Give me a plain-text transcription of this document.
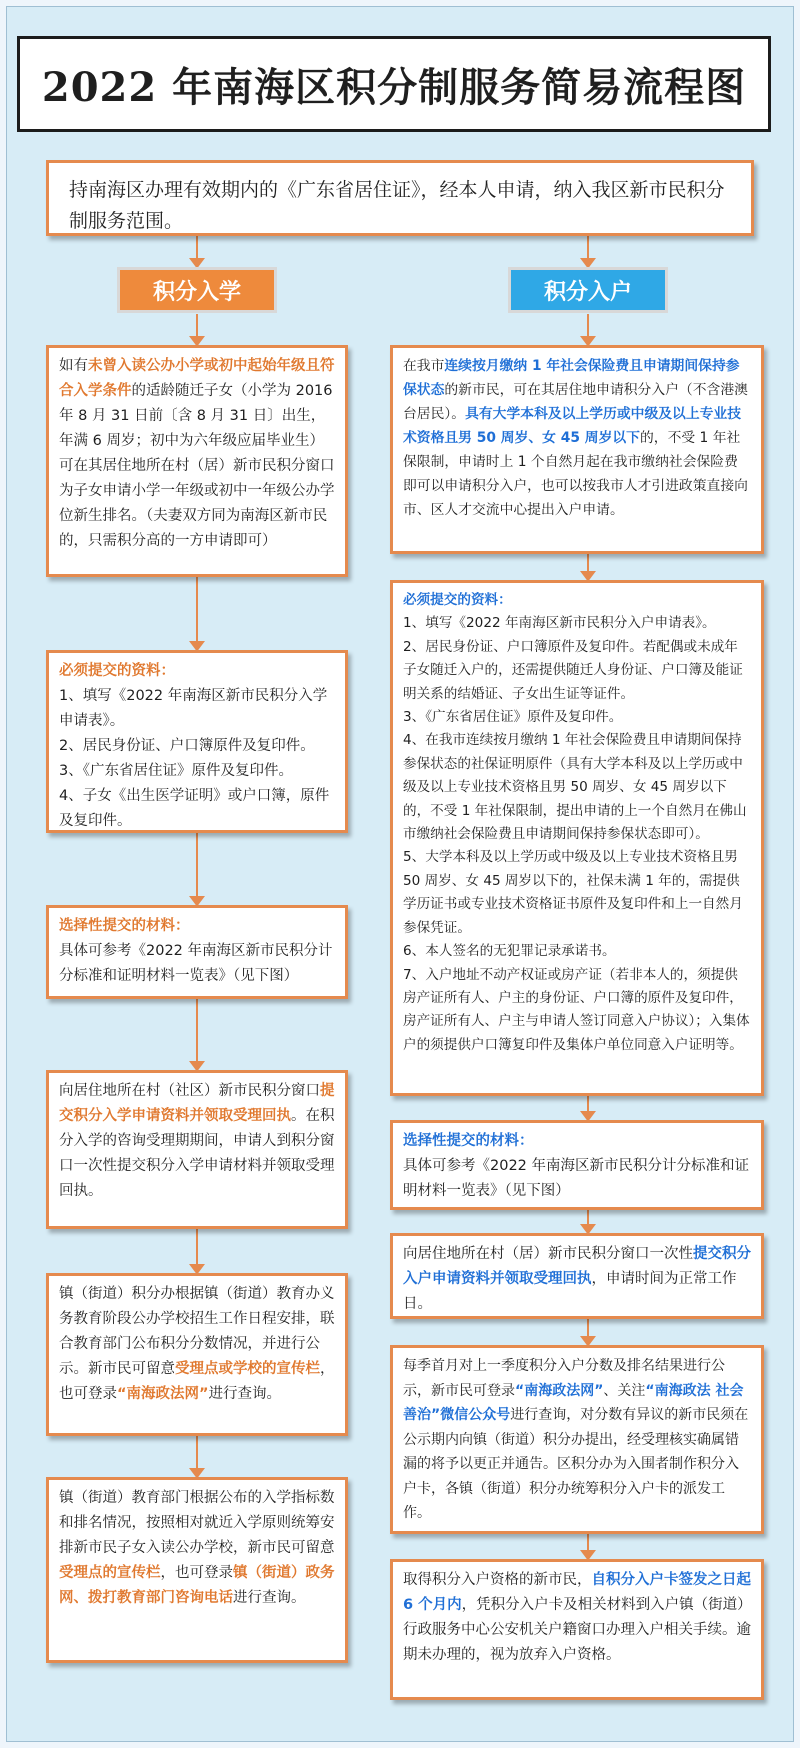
2022 年南海区积分制服务简易流程图

持南海区办理有效期内的《广东省居住证》，经本人申请，纳入我区新市民积分制服务范围。

积分入学

如有未曾入读公办小学或初中起始年级且符合入学条件的适龄随迁子女（小学为 2016 年 8 月 31 日前〔含 8 月 31 日〕出生，年满 6 周岁；初中为六年级应届毕业生）可在其居住地所在村（居）新市民积分窗口为子女申请小学一年级或初中一年级公办学位新生排名。（夫妻双方同为南海区新市民的，只需积分高的一方申请即可）

必须提交的资料：

1、填写《2022 年南海区新市民积分入学申请表》。

2、居民身份证、户口簿原件及复印件。

3、《广东省居住证》原件及复印件。

4、子女《出生医学证明》或户口簿，原件及复印件。

选择性提交的材料：

具体可参考《2022 年南海区新市民积分计分标准和证明材料一览表》（见下图）

向居住地所在村（社区）新市民积分窗口提交积分入学申请资料并领取受理回执。在积分入学的咨询受理期期间，申请人到积分窗口一次性提交积分入学申请材料并领取受理回执。

镇（街道）积分办根据镇（街道）教育办义务教育阶段公办学校招生工作日程安排，联合教育部门公布积分分数情况，并进行公示。新市民可留意受理点或学校的宣传栏，也可登录“南海政法网”进行查询。

镇（街道）教育部门根据公布的入学指标数和排名情况，按照相对就近入学原则统筹安排新市民子女入读公办学校，新市民可留意受理点的宣传栏，也可登录镇（街道）政务网、拨打教育部门咨询电话进行查询。

积分入户

在我市连续按月缴纳 1 年社会保险费且申请期间保持参保状态的新市民，可在其居住地申请积分入户（不含港澳台居民）。具有大学本科及以上学历或中级及以上专业技术资格且男 50 周岁、女 45 周岁以下的，不受 1 年社保限制，申请时上 1 个自然月起在我市缴纳社会保险费即可以申请积分入户，也可以按我市人才引进政策直接向市、区人才交流中心提出入户申请。

必须提交的资料：

1、填写《2022 年南海区新市民积分入户申请表》。

2、居民身份证、户口簿原件及复印件。若配偶或未成年子女随迁入户的，还需提供随迁人身份证、户口簿及能证明关系的结婚证、子女出生证等证件。

3、《广东省居住证》原件及复印件。

4、在我市连续按月缴纳 1 年社会保险费且申请期间保持参保状态的社保证明原件（具有大学本科及以上学历或中级及以上专业技术资格且男 50 周岁、女 45 周岁以下的，不受 1 年社保限制，提出申请的上一个自然月在佛山市缴纳社会保险费且申请期间保持参保状态即可）。

5、大学本科及以上学历或中级及以上专业技术资格且男 50 周岁、女 45 周岁以下的，社保未满 1 年的，需提供学历证书或专业技术资格证书原件及复印件和上一自然月参保凭证。

6、本人签名的无犯罪记录承诺书。

7、入户地址不动产权证或房产证（若非本人的，须提供房产证所有人、户主的身份证、户口簿的原件及复印件，房产证所有人、户主与申请人签订同意入户协议）；入集体户的须提供户口簿复印件及集体户单位同意入户证明等。

选择性提交的材料：

具体可参考《2022 年南海区新市民积分计分标准和证明材料一览表》（见下图）

向居住地所在村（居）新市民积分窗口一次性提交积分入户申请资料并领取受理回执，申请时间为正常工作日。

每季首月对上一季度积分入户分数及排名结果进行公示，新市民可登录“南海政法网”、关注“南海政法 社会善治”微信公众号进行查询，对分数有异议的新市民须在公示期内向镇（街道）积分办提出，经受理核实确属错漏的将予以更正并通告。区积分办为入围者制作积分入户卡，各镇（街道）积分办统筹积分入户卡的派发工作。

取得积分入户资格的新市民，自积分入户卡签发之日起 6 个月内，凭积分入户卡及相关材料到入户镇（街道）行政服务中心公安机关户籍窗口办理入户相关手续。逾期未办理的，视为放弃入户资格。
